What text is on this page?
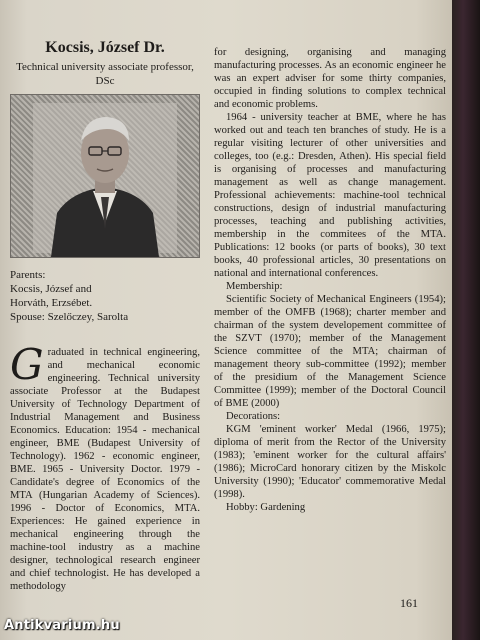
Kocsis, József Dr.
Technical university associate professor,
DSc
Parents:
Kocsis, József and
Horváth, Erzsébet.
Spouse: Szelőczey, Sarolta
G raduated in technical engineering, and mechanical economic engineering. Technical university associate Professor at the Budapest University of Technology Department of Industrial Management and Business Economics. Education: 1954 - mechanical engineer, BME (Budapest University of Technology). 1962 - economic engineer, BME. 1965 - University Doctor. 1979 - Candidate's degree of Economics of the MTA (Hungarian Academy of Sciences). 1996 - Doctor of Economics, MTA. Experiences: He gained experience in mechanical engineering through the machine-tool industry as a machine designer, technological research engineer and chief technologist. He has developed a methodology

for designing, organising and managing manufacturing processes. As an economic engineer he was an expert adviser for some thirty companies, occupied in finding solutions to complex technical and economic problems.

1964 - university teacher at BME, where he has worked out and teach ten branches of study. He is a regular visiting lecturer of other universities and colleges, too (e.g.: Dresden, Athen). His special field is organising of processes and manufacturing management as well as change management. Professional achievements: machine-tool technical constructions, design of industrial manufacturing processes, teaching and publishing activities, membership in the commitees of the MTA. Publications: 12 books (or parts of books), 30 text books, 40 professional articles, 30 presentations on national and international conferences.

Membership:

Scientific Society of Mechanical Engineers (1954); member of the OMFB (1968); charter member and chairman of the system developement committee of the SZVT (1970); member of the Management Science committee of the MTA; chairman of management theory sub-committee (1992); member of the presidium of the Management Science Committee (1999); member of the Doctoral Council of BME (2000)

Decorations:

KGM 'eminent worker' Medal (1966, 1975); diploma of merit from the Rector of the University (1983); 'eminent worker for the cultural affairs' (1986); MicroCard honorary citizen by the Miskolc University (1990); 'Educator' commemorative Medal (1998).

Hobby: Gardening

161
Antikvarium.hu
